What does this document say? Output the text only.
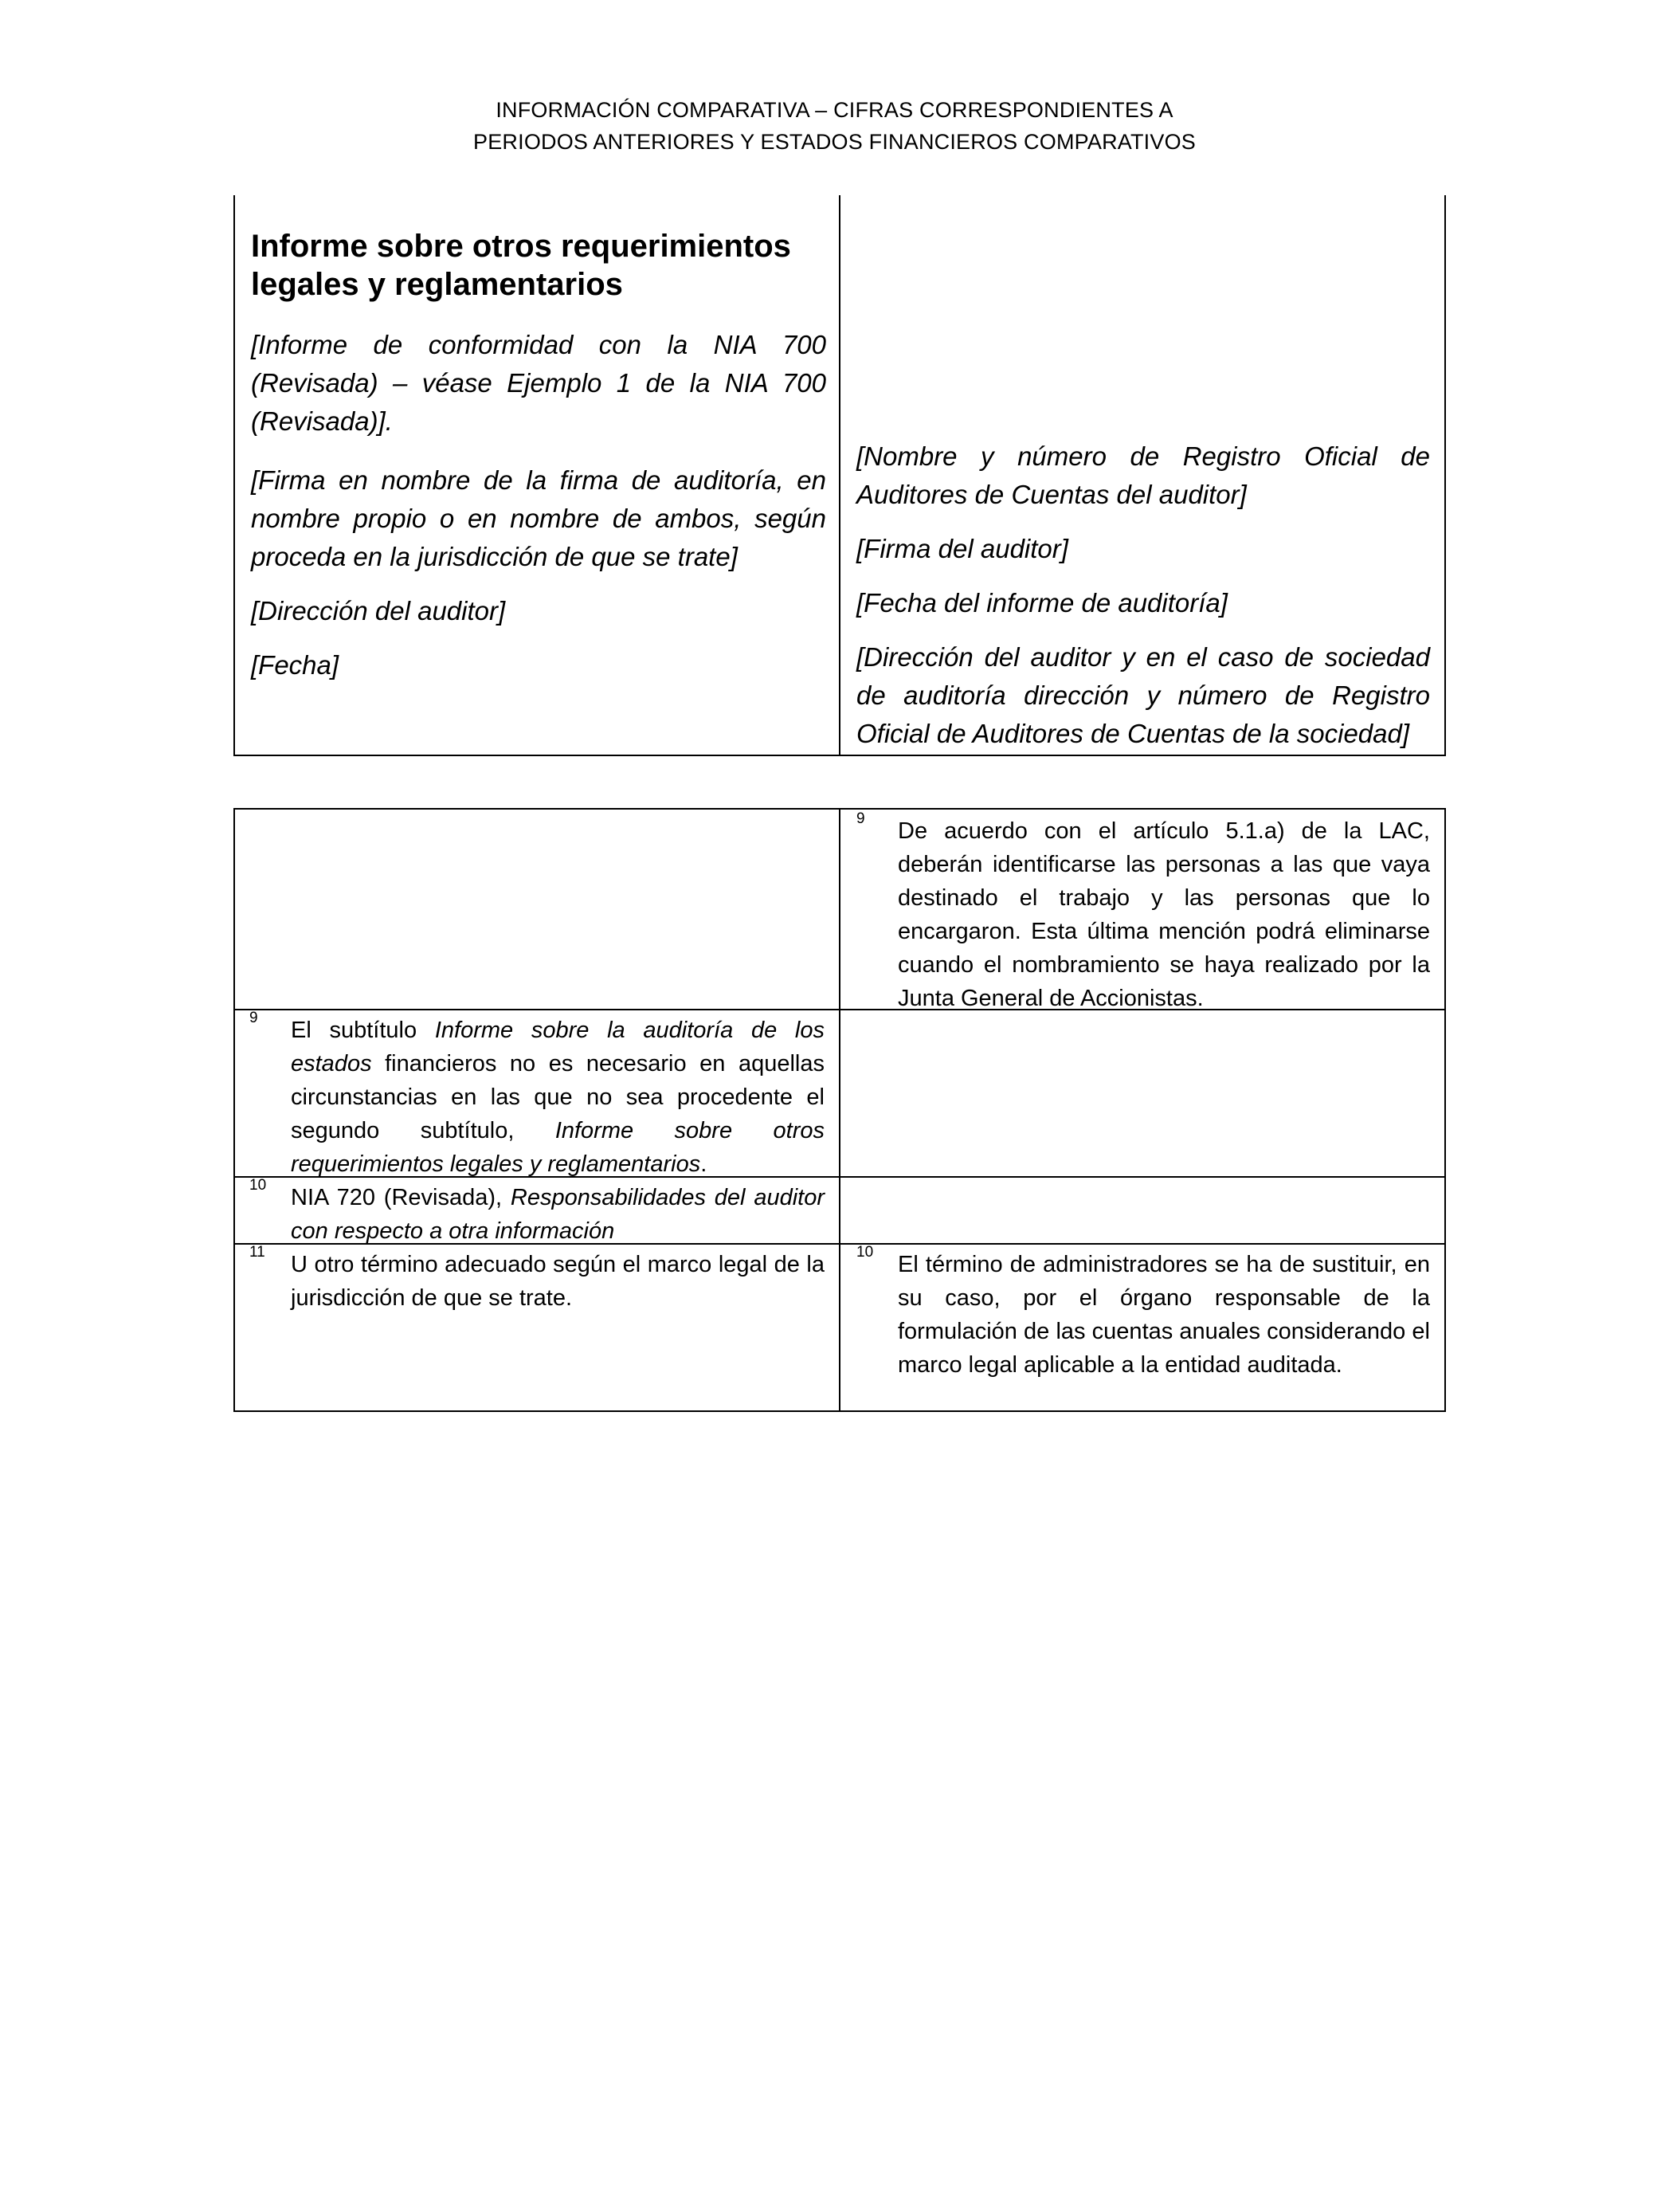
INFORMACIÓN COMPARATIVA – CIFRAS CORRESPONDIENTES A
PERIODOS ANTERIORES Y ESTADOS FINANCIEROS COMPARATIVOS
Informe sobre otros requerimientos legales y reglamentarios
[Informe de conformidad con la NIA 700 (Revisada) – véase Ejemplo 1 de la NIA 700 (Revisada)].
[Firma en nombre de la firma de auditoría, en nombre propio o en nombre de ambos, según proceda en la jurisdicción de que se trate]
[Dirección del auditor]
[Fecha]
[Nombre y número de Registro Oficial de Auditores de Cuentas del auditor]
[Firma del auditor]
[Fecha del informe de auditoría]
[Dirección del auditor y en el caso de sociedad de auditoría dirección y número de Registro Oficial de Auditores de Cuentas de la sociedad]
9 De acuerdo con el artículo 5.1.a) de la LAC, deberán identificarse las personas a las que vaya destinado el trabajo y las personas que lo encargaron. Esta última mención podrá eliminarse cuando el nombramiento se haya realizado por la Junta General de Accionistas.
9 El subtítulo Informe sobre la auditoría de los estados financieros no es necesario en aquellas circunstancias en las que no sea procedente el segundo subtítulo, Informe sobre otros requerimientos legales y reglamentarios.
10 NIA 720 (Revisada), Responsabilidades del auditor con respecto a otra información
11 U otro término adecuado según el marco legal de la jurisdicción de que se trate.
10 El término de administradores se ha de sustituir, en su caso, por el órgano responsable de la formulación de las cuentas anuales considerando el marco legal aplicable a la entidad auditada.
